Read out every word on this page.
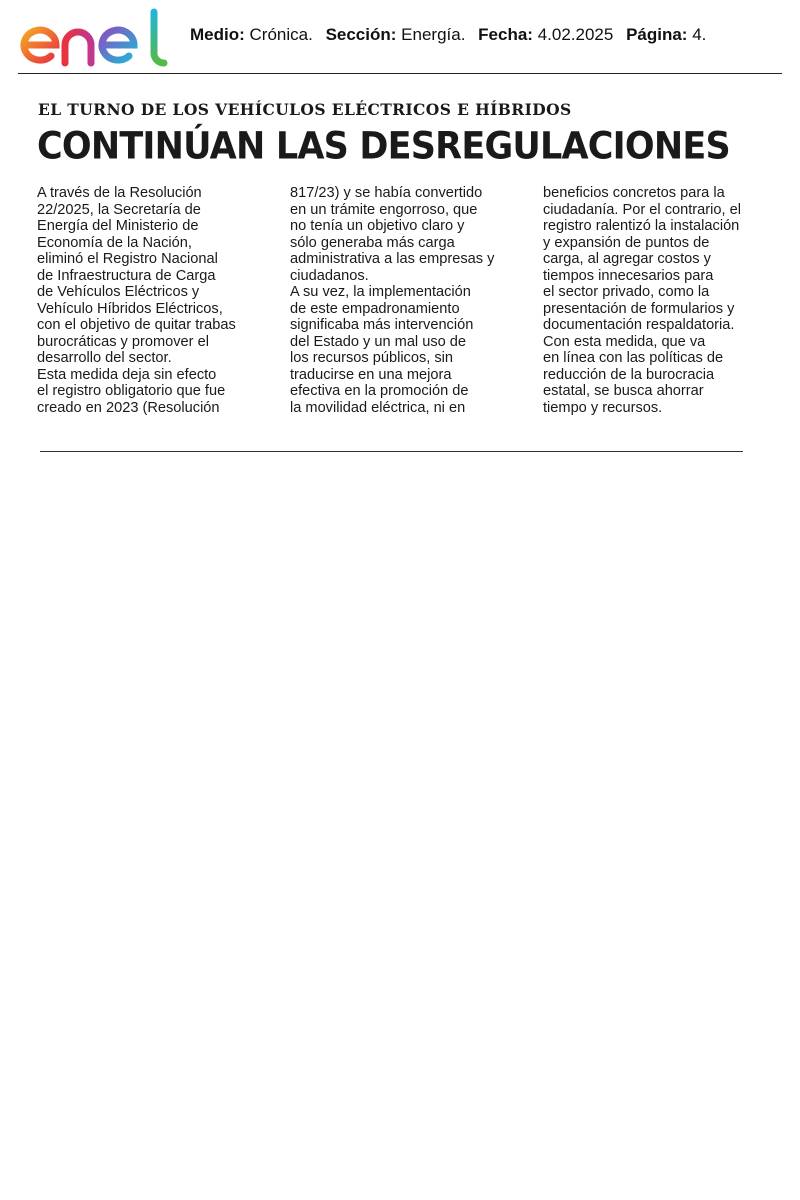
Medio: Crónica. Sección: Energía. Fecha: 4.02.2025 Página: 4.
EL TURNO DE LOS VEHÍCULOS ELÉCTRICOS E HÍBRIDOS
CONTINÚAN LAS DESREGULACIONES
A través de la Resolución
22/2025, la Secretaría de
Energía del Ministerio de
Economía de la Nación,
eliminó el Registro Nacional
de Infraestructura de Carga
de Vehículos Eléctricos y
Vehículo Híbridos Eléctricos,
con el objetivo de quitar trabas
burocráticas y promover el
desarrollo del sector.
Esta medida deja sin efecto
el registro obligatorio que fue
creado en 2023 (Resolución
817/23) y se había convertido
en un trámite engorroso, que
no tenía un objetivo claro y
sólo generaba más carga
administrativa a las empresas y
ciudadanos.
A su vez, la implementación
de este empadronamiento
significaba más intervención
del Estado y un mal uso de
los recursos públicos, sin
traducirse en una mejora
efectiva en la promoción de
la movilidad eléctrica, ni en
beneficios concretos para la
ciudadanía. Por el contrario, el
registro ralentizó la instalación
y expansión de puntos de
carga, al agregar costos y
tiempos innecesarios para
el sector privado, como la
presentación de formularios y
documentación respaldatoria.
Con esta medida, que va
en línea con las políticas de
reducción de la burocracia
estatal, se busca ahorrar
tiempo y recursos.
